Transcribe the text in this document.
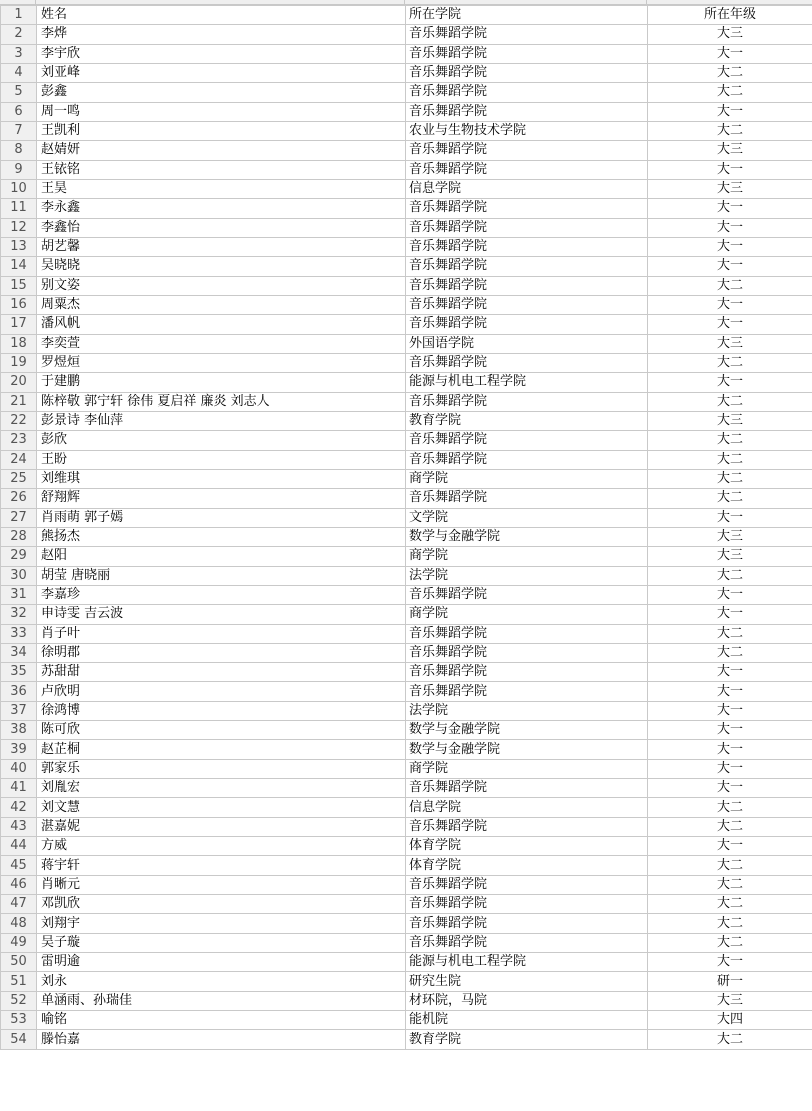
1	姓名	所在学院	所在年级
2	李烨	音乐舞蹈学院	大三
3	李宇欣	音乐舞蹈学院	大一
4	刘亚峰	音乐舞蹈学院	大二
5	彭鑫	音乐舞蹈学院	大二
6	周一鸣	音乐舞蹈学院	大一
7	王凯利	农业与生物技术学院	大二
8	赵婧妍	音乐舞蹈学院	大三
9	王铱铭	音乐舞蹈学院	大一
10	王昊	信息学院	大三
11	李永鑫	音乐舞蹈学院	大一
12	李鑫怡	音乐舞蹈学院	大一
13	胡艺馨	音乐舞蹈学院	大一
14	吴晓晓	音乐舞蹈学院	大一
15	别文姿	音乐舞蹈学院	大二
16	周粟杰	音乐舞蹈学院	大一
17	潘风帆	音乐舞蹈学院	大一
18	李奕萱	外国语学院	大三
19	罗煜烜	音乐舞蹈学院	大二
20	于建鹏	能源与机电工程学院	大一
21	陈梓敬 郭宁轩 徐伟 夏启祥 廉炎 刘志人	音乐舞蹈学院	大二
22	彭景诗 李仙萍	教育学院	大三
23	彭欣	音乐舞蹈学院	大二
24	王盼	音乐舞蹈学院	大二
25	刘维琪	商学院	大二
26	舒翔辉	音乐舞蹈学院	大二
27	肖雨萌 郭子嫣	文学院	大一
28	熊扬杰	数学与金融学院	大三
29	赵阳	商学院	大三
30	胡莹 唐晓丽	法学院	大二
31	李嘉珍	音乐舞蹈学院	大一
32	申诗雯 吉云波	商学院	大一
33	肖子叶	音乐舞蹈学院	大二
34	徐明郡	音乐舞蹈学院	大二
35	苏甜甜	音乐舞蹈学院	大一
36	卢欣明	音乐舞蹈学院	大一
37	徐鸿博	法学院	大一
38	陈可欣	数学与金融学院	大一
39	赵芷桐	数学与金融学院	大一
40	郭家乐	商学院	大一
41	刘胤宏	音乐舞蹈学院	大一
42	刘文慧	信息学院	大二
43	湛嘉妮	音乐舞蹈学院	大二
44	方威	体育学院	大一
45	蒋宇轩	体育学院	大二
46	肖晰元	音乐舞蹈学院	大二
47	邓凯欣	音乐舞蹈学院	大二
48	刘翔宇	音乐舞蹈学院	大二
49	吴子璇	音乐舞蹈学院	大二
50	雷明逾	能源与机电工程学院	大一
51	刘永	研究生院	研一
52	单涵雨、孙瑞佳	材环院，马院	大三
53	喻铭	能机院	大四
54	滕怡嘉	教育学院	大二
